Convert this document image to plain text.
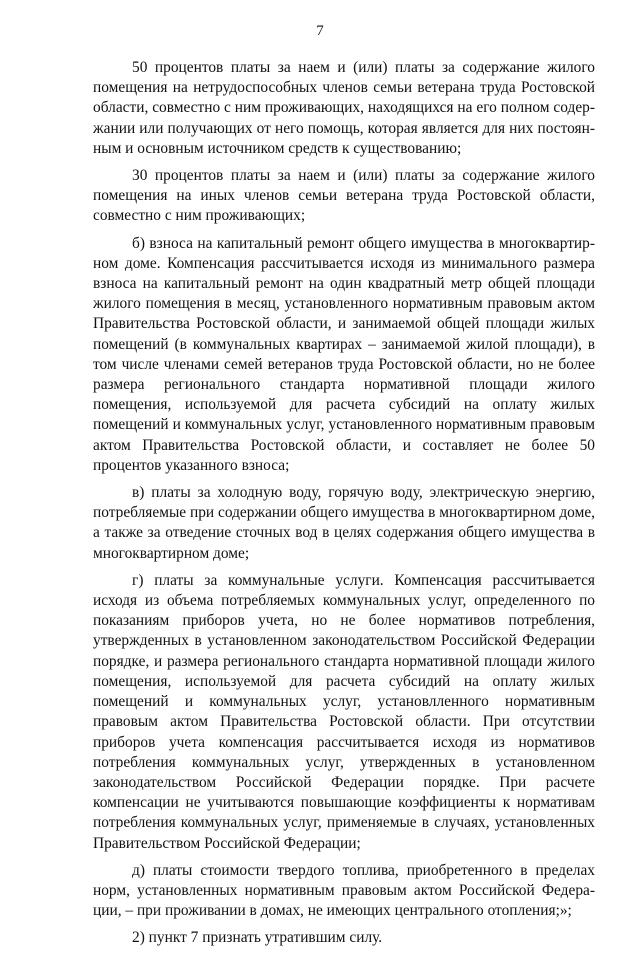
7

50 процентов платы за наем и (или) платы за содержание жилого помещения на нетрудоспособных членов семьи ветерана труда Ростовской области, совместно с ним проживающих, находящихся на его полном содержании или получающих от него помощь, которая является для них постоянным и основным источником средств к существованию;

30 процентов платы за наем и (или) платы за содержание жилого помещения на иных членов семьи ветерана труда Ростовской области, совместно с ним проживающих;

б) взноса на капитальный ремонт общего имущества в многоквартирном доме. Компенсация рассчитывается исходя из минимального размера взноса на капитальный ремонт на один квадратный метр общей площади жилого помещения в месяц, установленного нормативным правовым актом Правительства Ростовской области, и занимаемой общей площади жилых помещений (в коммунальных квартирах – занимаемой жилой площади), в том числе членами семей ветеранов труда Ростовской области, но не более размера регионального стандарта нормативной площади жилого помещения, используемой для расчета субсидий на оплату жилых помещений и коммунальных услуг, установленного нормативным правовым актом Правительства Ростовской области, и составляет не более 50 процентов указанного взноса;

в) платы за холодную воду, горячую воду, электрическую энергию, потребляемые при содержании общего имущества в многоквартирном доме, а также за отведение сточных вод в целях содержания общего имущества в многоквартирном доме;

г) платы за коммунальные услуги. Компенсация рассчитывается исходя из объема потребляемых коммунальных услуг, определенного по показаниям приборов учета, но не более нормативов потребления, утвержденных в установленном законодательством Российской Федерации порядке, и размера регионального стандарта нормативной площади жилого помещения, используемой для расчета субсидий на оплату жилых помещений и коммунальных услуг, установлленного нормативным правовым актом Правительства Ростовской области. При отсутствии приборов учета компенсация рассчитывается исходя из нормативов потребления коммунальных услуг, утвержденных в установленном законодательством Российской Федерации порядке. При расчете компенсации не учитываются повышающие коэффициенты к нормативам потребления коммунальных услуг, применяемые в случаях, установленных Правительством Российской Федерации;

д) платы стоимости твердого топлива, приобретенного в пределах норм, установленных нормативным правовым актом Российской Федерации, – при проживании в домах, не имеющих центрального отопления;»;

2) пункт 7 признать утратившим силу.
